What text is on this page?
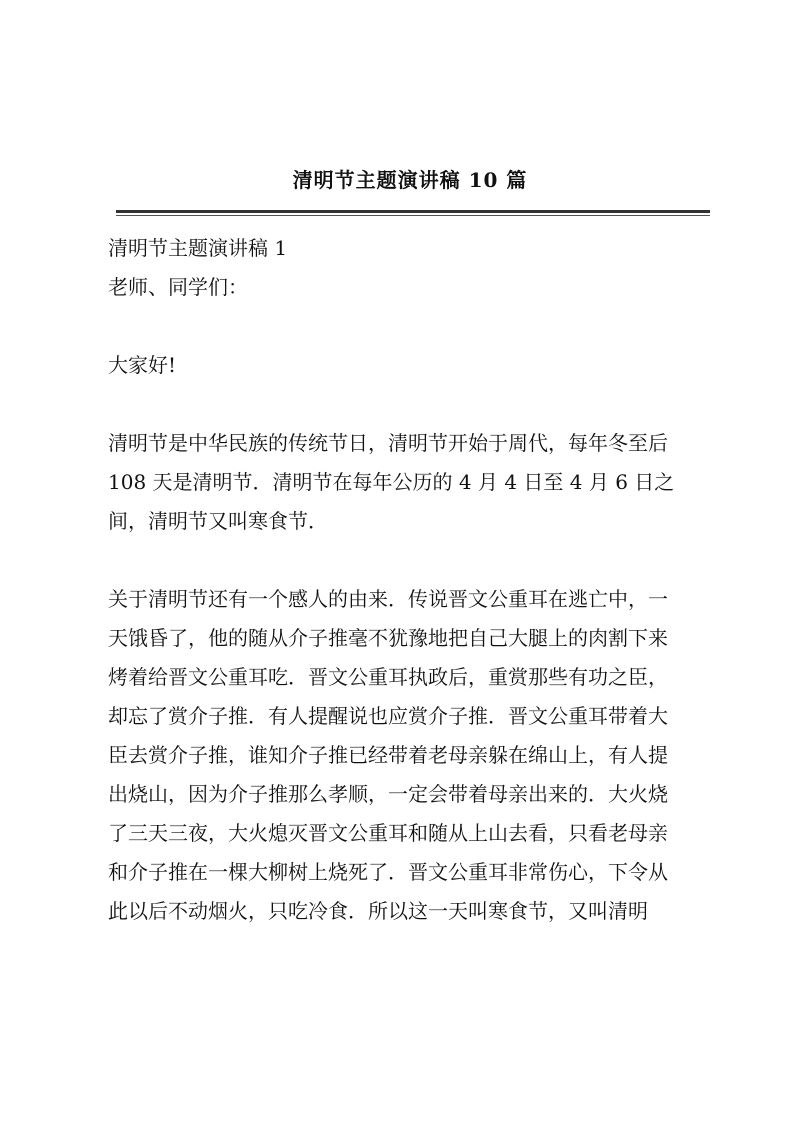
清明节主题演讲稿 10 篇
清明节主题演讲稿 1
老师、同学们：
大家好!
清明节是中华民族的传统节日，清明节开始于周代，每年冬至后
108 天是清明节．清明节在每年公历的 4 月 4 日至 4 月 6 日之
间，清明节又叫寒食节．
关于清明节还有一个感人的由来．传说晋文公重耳在逃亡中，一
天饿昏了，他的随从介子推毫不犹豫地把自己大腿上的肉割下来
烤着给晋文公重耳吃．晋文公重耳执政后，重赏那些有功之臣，
却忘了赏介子推．有人提醒说也应赏介子推．晋文公重耳带着大
臣去赏介子推，谁知介子推已经带着老母亲躲在绵山上，有人提
出烧山，因为介子推那么孝顺，一定会带着母亲出来的．大火烧
了三天三夜，大火熄灭晋文公重耳和随从上山去看，只看老母亲
和介子推在一棵大柳树上烧死了．晋文公重耳非常伤心，下令从
此以后不动烟火，只吃冷食．所以这一天叫寒食节，又叫清明
